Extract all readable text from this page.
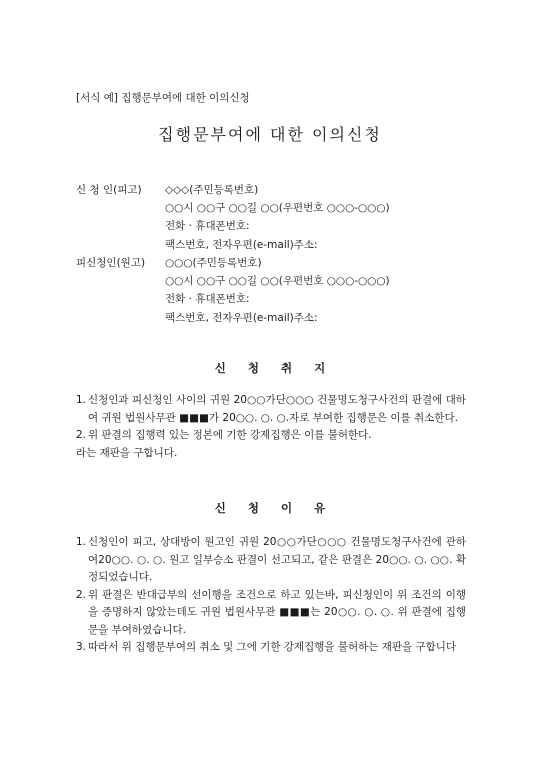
[서식 예] 집행문부여에 대한 이의신청
집행문부여에 대한 이의신청
신 청 인(피고) ◇◇◇(주민등록번호)
○○시 ○○구 ○○길 ○○(우편번호 ○○○-○○○)
전화 · 휴대폰번호:
팩스번호, 전자우편(e-mail)주소:
피신청인(원고) ○○○(주민등록번호)
○○시 ○○구 ○○길 ○○(우편번호 ○○○-○○○)
전화 · 휴대폰번호:
팩스번호, 전자우편(e-mail)주소:
신 청 취 지
1. 신청인과 피신청인 사이의 귀원 20○○가단○○○ 건물명도청구사건의 판결에 대하여 귀원 법원사무관 ■■■가 20○○. ○. ○.자로 부여한 집행문은 이를 취소한다.
2. 위 판결의 집행력 있는 정본에 기한 강제집행은 이를 불허한다.
라는 재판을 구합니다.
신 청 이 유
1. 신청인이 피고, 상대방이 원고인 귀원 20○○가단○○○ 건물명도청구사건에 관하여20○○. ○. ○. 원고 일부승소 판결이 선고되고, 같은 판결은 20○○. ○. ○○. 확정되었습니다.
2. 위 판결은 반대급부의 선이행을 조건으로 하고 있는바, 피신청인이 위 조건의 이행을 증명하지 않았는데도 귀원 법원사무관 ■■■는 20○○. ○. ○. 위 판결에 집행문을 부여하였습니다.
3. 따라서 위 집행문부여의 취소 및 그에 기한 강제집행을 불허하는 재판을 구합니다
